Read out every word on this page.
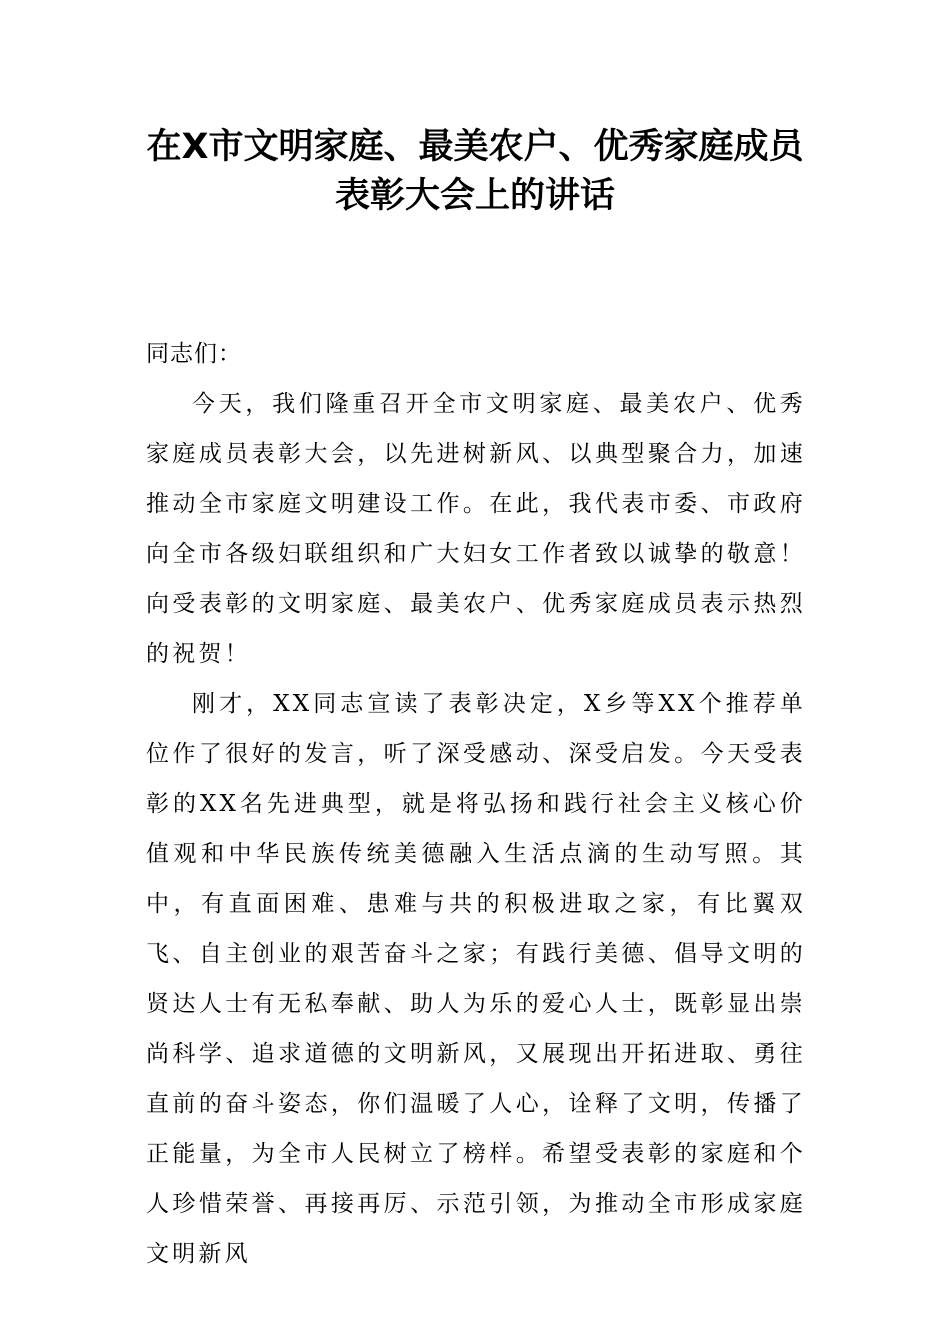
在X市文明家庭、最美农户、优秀家庭成员
表彰大会上的讲话
同志们：

今天，我们隆重召开全市文明家庭、最美农户、优秀家庭成员表彰大会，以先进树新风、以典型聚合力，加速推动全市家庭文明建设工作。在此，我代表市委、市政府向全市各级妇联组织和广大妇女工作者致以诚挚的敬意！向受表彰的文明家庭、最美农户、优秀家庭成员表示热烈的祝贺！

刚才，XX同志宣读了表彰决定，X乡等XX个推荐单位作了很好的发言，听了深受感动、深受启发。今天受表彰的XX名先进典型，就是将弘扬和践行社会主义核心价值观和中华民族传统美德融入生活点滴的生动写照。其中，有直面困难、患难与共的积极进取之家，有比翼双飞、自主创业的艰苦奋斗之家；有践行美德、倡导文明的贤达人士有无私奉献、助人为乐的爱心人士，既彰显出崇尚科学、追求道德的文明新风，又展现出开拓进取、勇往直前的奋斗姿态，你们温暖了人心，诠释了文明，传播了正能量，为全市人民树立了榜样。希望受表彰的家庭和个人珍惜荣誉、再接再厉、示范引领，为推动全市形成家庭文明新风
